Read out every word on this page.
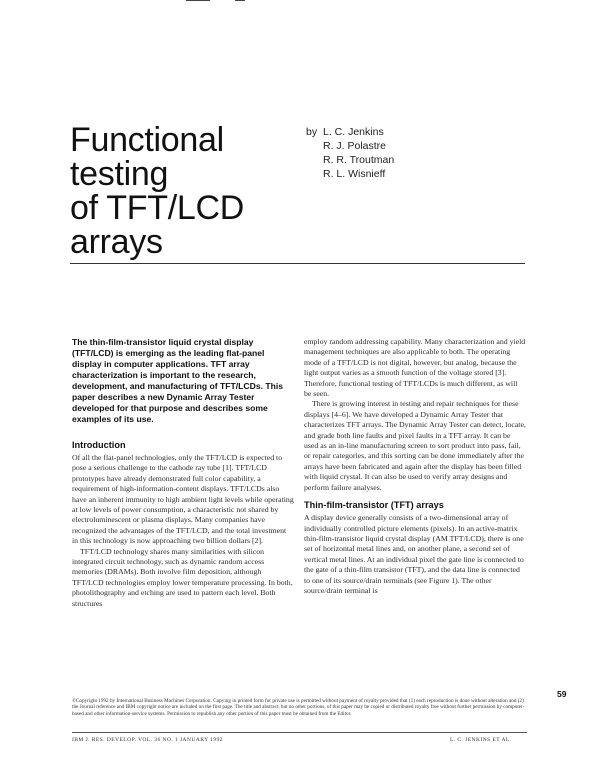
Functional
testing
of TFT/LCD
arrays
by L. C. Jenkins
R. J. Polastre
R. R. Troutman
R. L. Wisnieff

The thin-film-transistor liquid crystal display (TFT/LCD) is emerging as the leading flat-panel display in computer applications. TFT array characterization is important to the research, development, and manufacturing of TFT/LCDs. This paper describes a new Dynamic Array Tester developed for that purpose and describes some examples of its use.

Introduction

Of all the flat-panel technologies, only the TFT/LCD is expected to pose a serious challenge to the cathode ray tube [1]. TFT/LCD prototypes have already demonstrated full color capability, a requirement of high-information-content displays. TFT/LCDs also have an inherent immunity to high ambient light levels while operating at low levels of power consumption, a characteristic not shared by electroluminescent or plasma displays. Many companies have recognized the advantages of the TFT/LCD, and the total investment in this technology is now approaching two billion dollars [2].

TFT/LCD technology shares many similarities with silicon integrated circuit technology, such as dynamic random access memories (DRAMs). Both involve film deposition, although TFT/LCD technologies employ lower temperature processing. In both, photolithography and etching are used to pattern each level. Both structures

employ random addressing capability. Many characterization and yield management techniques are also applicable to both. The operating mode of a TFT/LCD is not digital, however, but analog, because the light output varies as a smooth function of the voltage stored [3]. Therefore, functional testing of TFT/LCDs is much different, as will be seen.

There is growing interest in testing and repair techniques for these displays [4–6]. We have developed a Dynamic Array Tester that characterizes TFT arrays. The Dynamic Array Tester can detect, locate, and grade both line faults and pixel faults in a TFT array. It can be used as an in-line manufacturing screen to sort product into pass, fail, or repair categories, and this sorting can be done immediately after the arrays have been fabricated and again after the display has been filled with liquid crystal. It can also be used to verify array designs and perform failure analyses.

Thin-film-transistor (TFT) arrays

A display device generally consists of a two-dimensional array of individually controlled picture elements (pixels). In an active-matrix thin-film-transistor liquid crystal display (AM TFT/LCD), there is one set of horizontal metal lines and, on another plane, a second set of vertical metal lines. At an individual pixel the gate line is connected to the gate of a thin-film transistor (TFT), and the data line is connected to one of its source/drain terminals (see Figure 1). The other source/drain terminal is

©Copyright 1992 by International Business Machines Corporation. Copying in printed form for private use is permitted without payment of royalty provided that (1) each reproduction is done without alteration and (2) the Journal reference and IBM copyright notice are included on the first page. The title and abstract, but no other portions, of this paper may be copied or distributed royalty free without further permission by computer-based and other information-service systems. Permission to republish any other portion of this paper must be obtained from the Editor.
59
IBM J. RES. DEVELOP. VOL. 36 NO. 1 JANUARY 1992	L. C. JENKINS ET AL.
